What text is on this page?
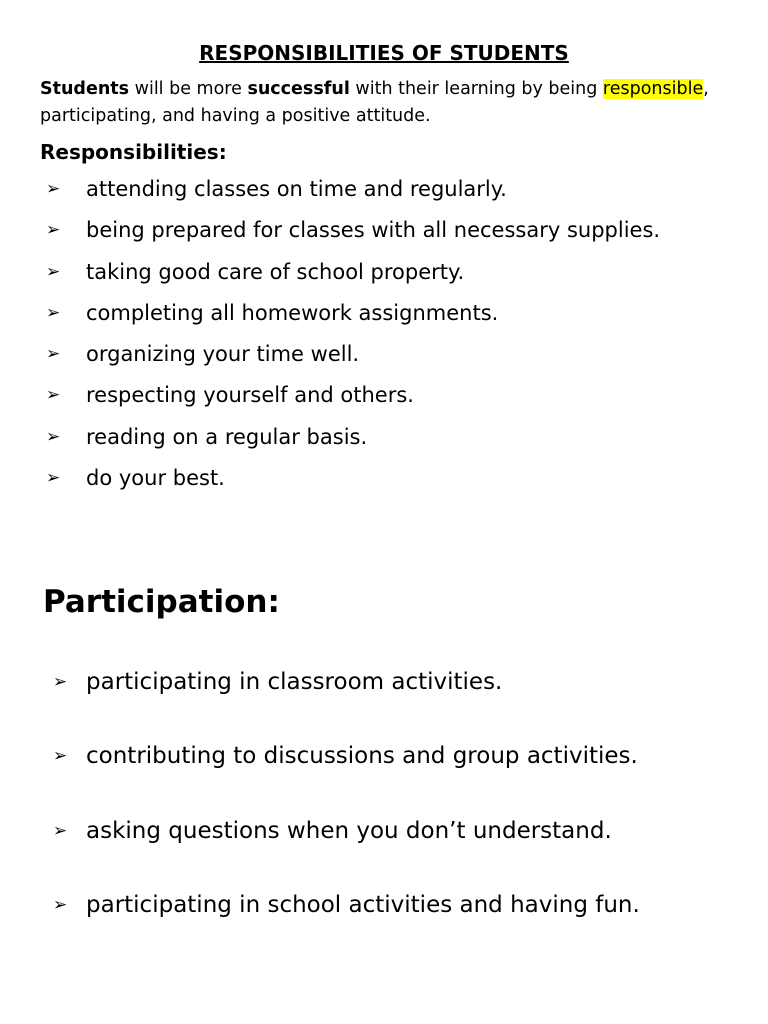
RESPONSIBILITIES OF STUDENTS

Students will be more successful with their learning by being responsible, participating, and having a positive attitude.

Responsibilities:
➢ attending classes on time and regularly.
➢ being prepared for classes with all necessary supplies.
➢ taking good care of school property.
➢ completing all homework assignments.
➢ organizing your time well.
➢ respecting yourself and others.
➢ reading on a regular basis.
➢ do your best.
Participation:
➢ participating in classroom activities.
➢ contributing to discussions and group activities.
➢ asking questions when you don’t understand.
➢ participating in school activities and having fun.
